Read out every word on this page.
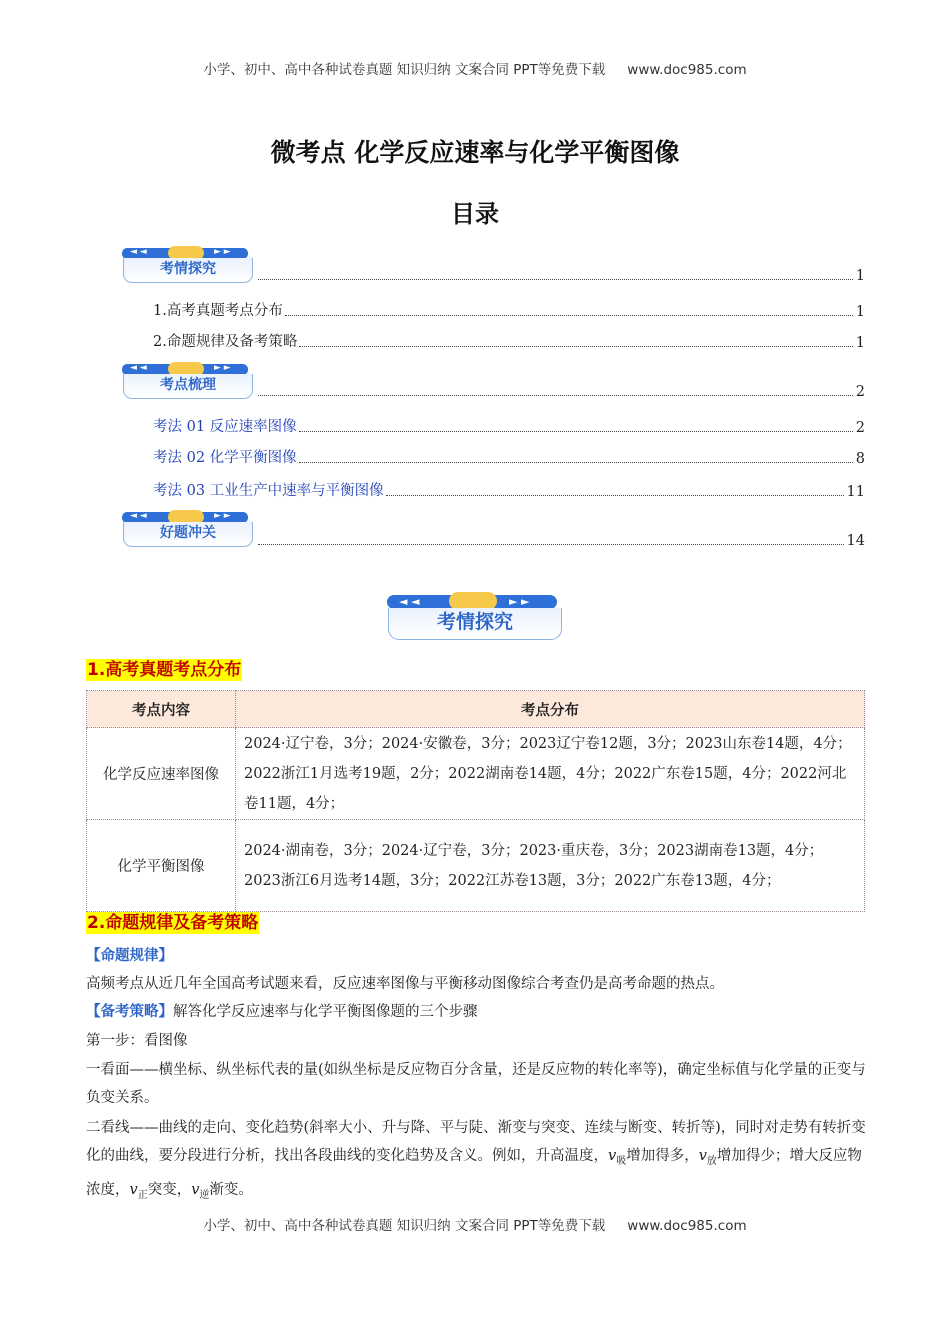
小学、初中、高中各种试卷真题 知识归纳 文案合同 PPT等免费下载 www.doc985.com
微考点 化学反应速率与化学平衡图像
目录
◄ ◄	► ►
考情探究	1
1.高考真题考点分布	1
2.命题规律及备考策略	1
◄ ◄	► ►
考点梳理	2
考法 01 反应速率图像	2
考法 02 化学平衡图像	8
考法 03 工业生产中速率与平衡图像	11
◄ ◄	► ►
好题冲关	14
◄ ◄	► ►
考情探究
1.高考真题考点分布
考点内容	考点分布
化学反应速率图像	2024·辽宁卷，3分；2024·安徽卷，3分；2023辽宁卷12题，3分；2023山东卷14题，4分；2022浙江1月选考19题，2分；2022湖南卷14题，4分；2022广东卷15题，4分；2022河北卷11题，4分；
化学平衡图像	2024·湖南卷，3分；2024·辽宁卷，3分；2023·重庆卷，3分；2023湖南卷13题，4分；2023浙江6月选考14题，3分；2022江苏卷13题，3分；2022广东卷13题，4分；
2.命题规律及备考策略
【命题规律】
高频考点从近几年全国高考试题来看，反应速率图像与平衡移动图像综合考查仍是高考命题的热点。
【备考策略】解答化学反应速率与化学平衡图像题的三个步骤
第一步：看图像
一看面——横坐标、纵坐标代表的量(如纵坐标是反应物百分含量，还是反应物的转化率等)，确定坐标值与化学量的正变与负变关系。
二看线——曲线的走向、变化趋势(斜率大小、升与降、平与陡、渐变与突变、连续与断变、转折等)，同时对走势有转折变化的曲线，要分段进行分析，找出各段曲线的变化趋势及含义。例如，升高温度，$v_吸$增加得多，$v_放$增加得少；增大反应物浓度，$v_正$突变，$v_逆$渐变。
小学、初中、高中各种试卷真题 知识归纳 文案合同 PPT等免费下载 www.doc985.com
